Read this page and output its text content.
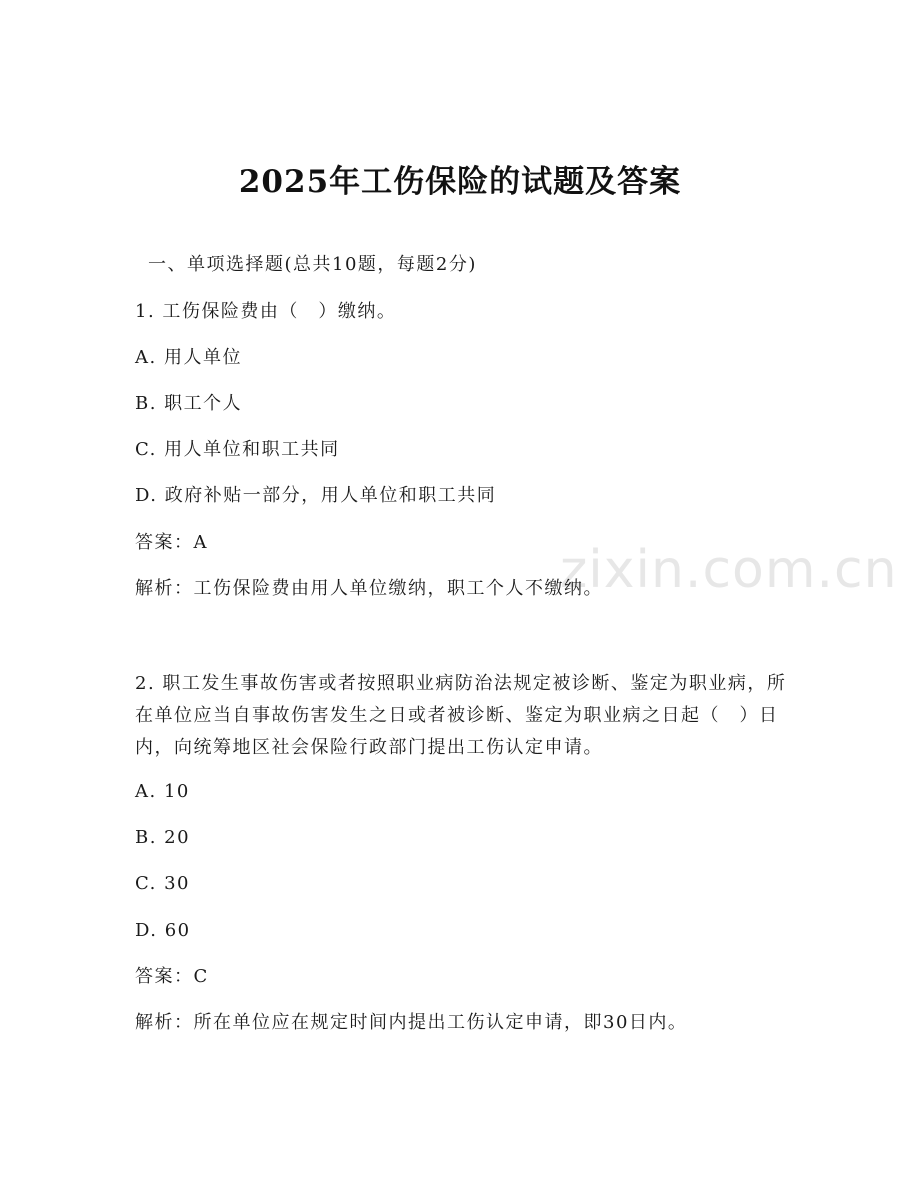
zixin.com.cn
2025年工伤保险的试题及答案
一、单项选择题(总共10题，每题2分)
1. 工伤保险费由（　）缴纳。
A. 用人单位
B. 职工个人
C. 用人单位和职工共同
D. 政府补贴一部分，用人单位和职工共同
答案：A
解析：工伤保险费由用人单位缴纳，职工个人不缴纳。
2. 职工发生事故伤害或者按照职业病防治法规定被诊断、鉴定为职业病，所在单位应当自事故伤害发生之日或者被诊断、鉴定为职业病之日起（　）日内，向统筹地区社会保险行政部门提出工伤认定申请。
A. 10
B. 20
C. 30
D. 60
答案：C
解析：所在单位应在规定时间内提出工伤认定申请，即30日内。
